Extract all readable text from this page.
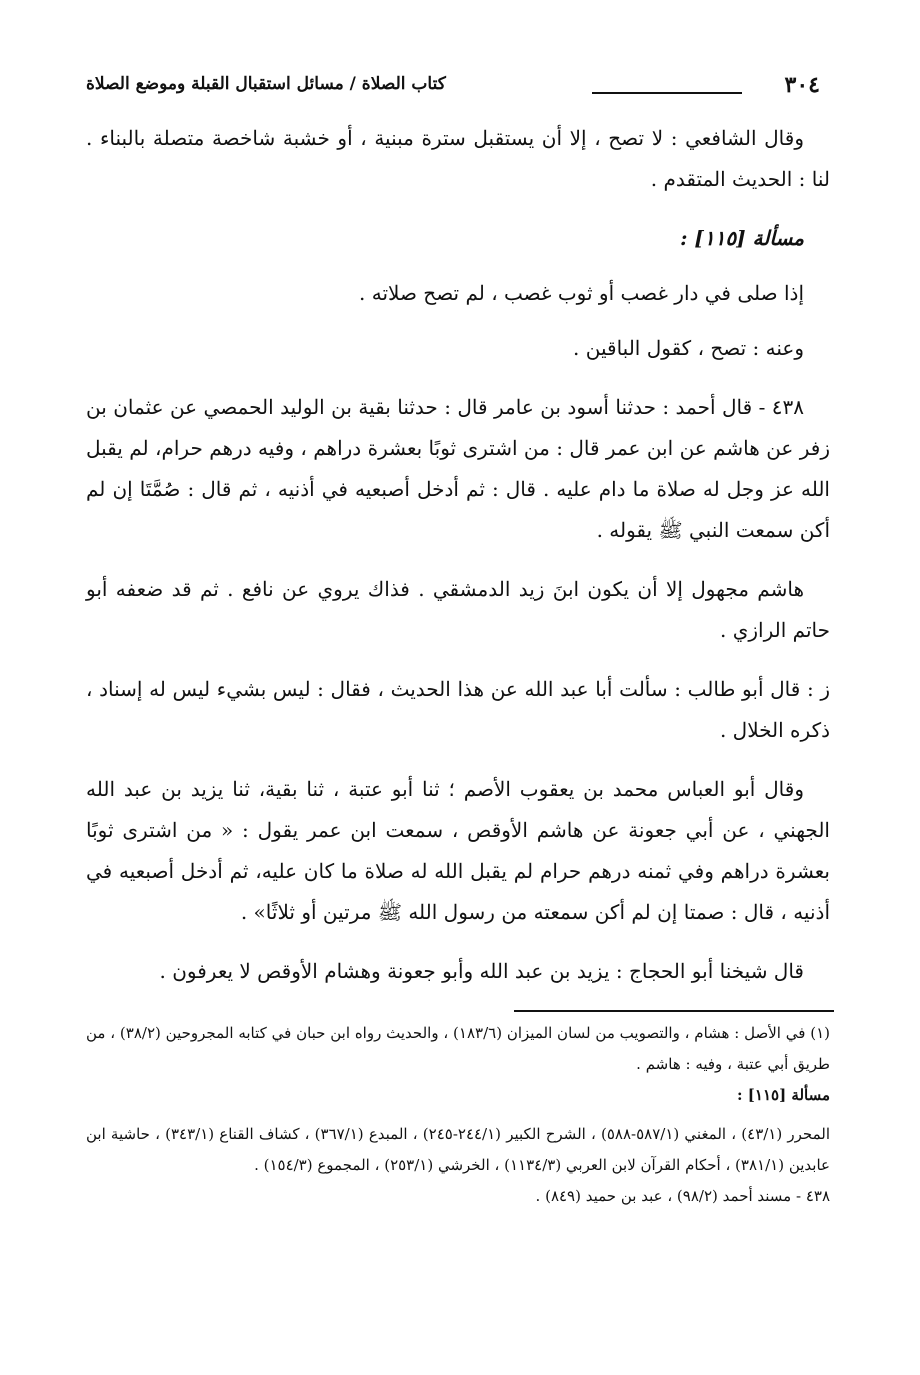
٣٠٤
كتاب الصلاة / مسائل استقبال القبلة وموضع الصلاة

وقال الشافعي : لا تصح ، إلا أن يستقبل سترة مبنية ، أو خشبة شاخصة متصلة بالبناء . لنا : الحديث المتقدم .

مسألة [١١٥] :

إذا صلى في دار غصب أو ثوب غصب ، لم تصح صلاته .

وعنه : تصح ، كقول الباقين .

٤٣٨ - قال أحمد : حدثنا أسود بن عامر قال : حدثنا بقية بن الوليد الحمصي عن عثمان بن زفر عن هاشم عن ابن عمر قال : من اشترى ثوبًا بعشرة دراهم ، وفيه درهم حرام، لم يقبل الله عز وجل له صلاة ما دام عليه . قال : ثم أدخل أصبعيه في أذنيه ، ثم قال : صُمَّتَا إن لم أكن سمعت النبي ﷺ يقوله .

هاشم مجهول إلا أن يكون ابنَ زيد الدمشقي . فذاك يروي عن نافع . ثم قد ضعفه أبو حاتم الرازي .

ز : قال أبو طالب : سألت أبا عبد الله عن هذا الحديث ، فقال : ليس بشيء ليس له إسناد ، ذكره الخلال .

وقال أبو العباس محمد بن يعقوب الأصم ؛ ثنا أبو عتبة ، ثنا بقية، ثنا يزيد بن عبد الله الجهني ، عن أبي جعونة عن هاشم الأوقص ، سمعت ابن عمر يقول : « من اشترى ثوبًا بعشرة دراهم وفي ثمنه درهم حرام لم يقبل الله له صلاة ما كان عليه، ثم أدخل أصبعيه في أذنيه ، قال : صمتا إن لم أكن سمعته من رسول الله ﷺ مرتين أو ثلاثًا» .

قال شيخنا أبو الحجاج : يزيد بن عبد الله وأبو جعونة وهشام الأوقص لا يعرفون .

(١) في الأصل : هشام ، والتصويب من لسان الميزان (١٨٣/٦) ، والحديث رواه ابن حبان في كتابه المجروحين (٣٨/٢) ، من طريق أبي عتبة ، وفيه : هاشم .

مسألة [١١٥] :

المحرر (٤٣/١) ، المغني (٥٨٧/١-٥٨٨) ، الشرح الكبير (٢٤٤/١-٢٤٥) ، المبدع (٣٦٧/١) ، كشاف القناع (٣٤٣/١) ، حاشية ابن عابدين (٣٨١/١) ، أحكام القرآن لابن العربي (١١٣٤/٣) ، الخرشي (٢٥٣/١) ، المجموع (١٥٤/٣) .

٤٣٨ - مسند أحمد (٩٨/٢) ، عبد بن حميد (٨٤٩) .
